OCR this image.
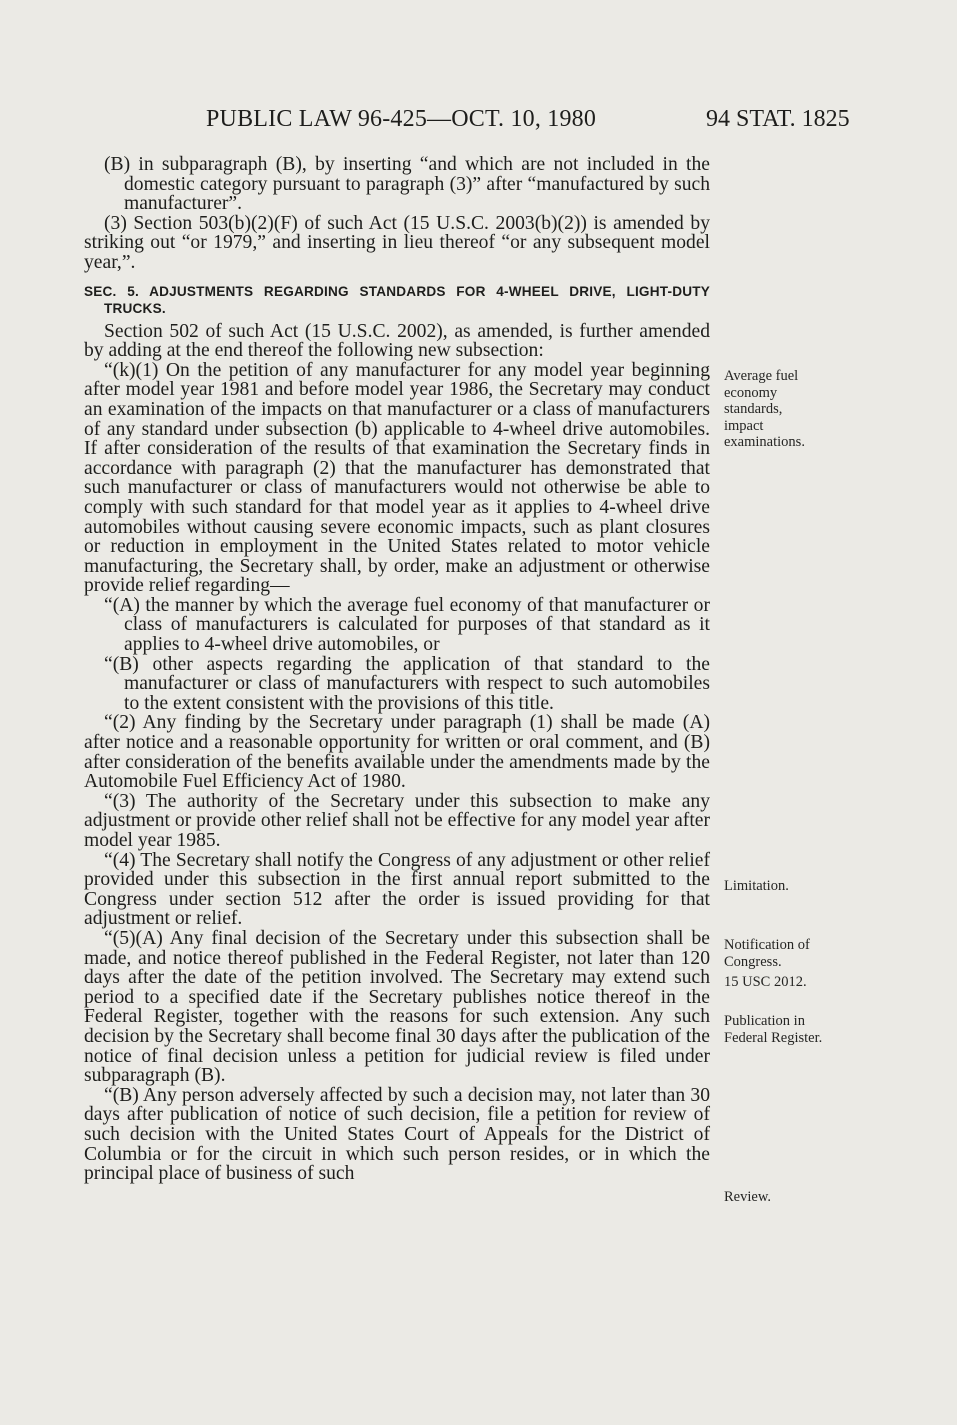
PUBLIC LAW 96-425—OCT. 10, 1980	94 STAT. 1825

(B) in subparagraph (B), by inserting “and which are not included in the domestic category pursuant to paragraph (3)” after “manufactured by such manufacturer”.

(3) Section 503(b)(2)(F) of such Act (15 U.S.C. 2003(b)(2)) is amended by striking out “or 1979,” and inserting in lieu thereof “or any subsequent model year,”.

SEC. 5. ADJUSTMENTS REGARDING STANDARDS FOR 4-WHEEL DRIVE, LIGHT-DUTY TRUCKS.

Section 502 of such Act (15 U.S.C. 2002), as amended, is further amended by adding at the end thereof the following new subsection:

“(k)(1) On the petition of any manufacturer for any model year beginning after model year 1981 and before model year 1986, the Secretary may conduct an examination of the impacts on that manufacturer or a class of manufacturers of any standard under subsection (b) applicable to 4-wheel drive automobiles. If after consideration of the results of that examination the Secretary finds in accordance with paragraph (2) that the manufacturer has demonstrated that such manufacturer or class of manufacturers would not otherwise be able to comply with such standard for that model year as it applies to 4-wheel drive automobiles without causing severe economic impacts, such as plant closures or reduction in employment in the United States related to motor vehicle manufacturing, the Secretary shall, by order, make an adjustment or otherwise provide relief regarding—

“(A) the manner by which the average fuel economy of that manufacturer or class of manufacturers is calculated for purposes of that standard as it applies to 4-wheel drive automobiles, or

“(B) other aspects regarding the application of that standard to the manufacturer or class of manufacturers with respect to such automobiles to the extent consistent with the provisions of this title.

“(2) Any finding by the Secretary under paragraph (1) shall be made (A) after notice and a reasonable opportunity for written or oral comment, and (B) after consideration of the benefits available under the amendments made by the Automobile Fuel Efficiency Act of 1980.

“(3) The authority of the Secretary under this subsection to make any adjustment or provide other relief shall not be effective for any model year after model year 1985.

“(4) The Secretary shall notify the Congress of any adjustment or other relief provided under this subsection in the first annual report submitted to the Congress under section 512 after the order is issued providing for that adjustment or relief.

“(5)(A) Any final decision of the Secretary under this subsection shall be made, and notice thereof published in the Federal Register, not later than 120 days after the date of the petition involved. The Secretary may extend such period to a specified date if the Secretary publishes notice thereof in the Federal Register, together with the reasons for such extension. Any such decision by the Secretary shall become final 30 days after the publication of the notice of final decision unless a petition for judicial review is filed under subparagraph (B).

“(B) Any person adversely affected by such a decision may, not later than 30 days after publication of notice of such decision, file a petition for review of such decision with the United States Court of Appeals for the District of Columbia or for the circuit in which such person resides, or in which the principal place of business of such

Average fuel economy standards, impact examinations.
Limitation.
Notification of Congress.
15 USC 2012.
Publication in Federal Register.
Review.
